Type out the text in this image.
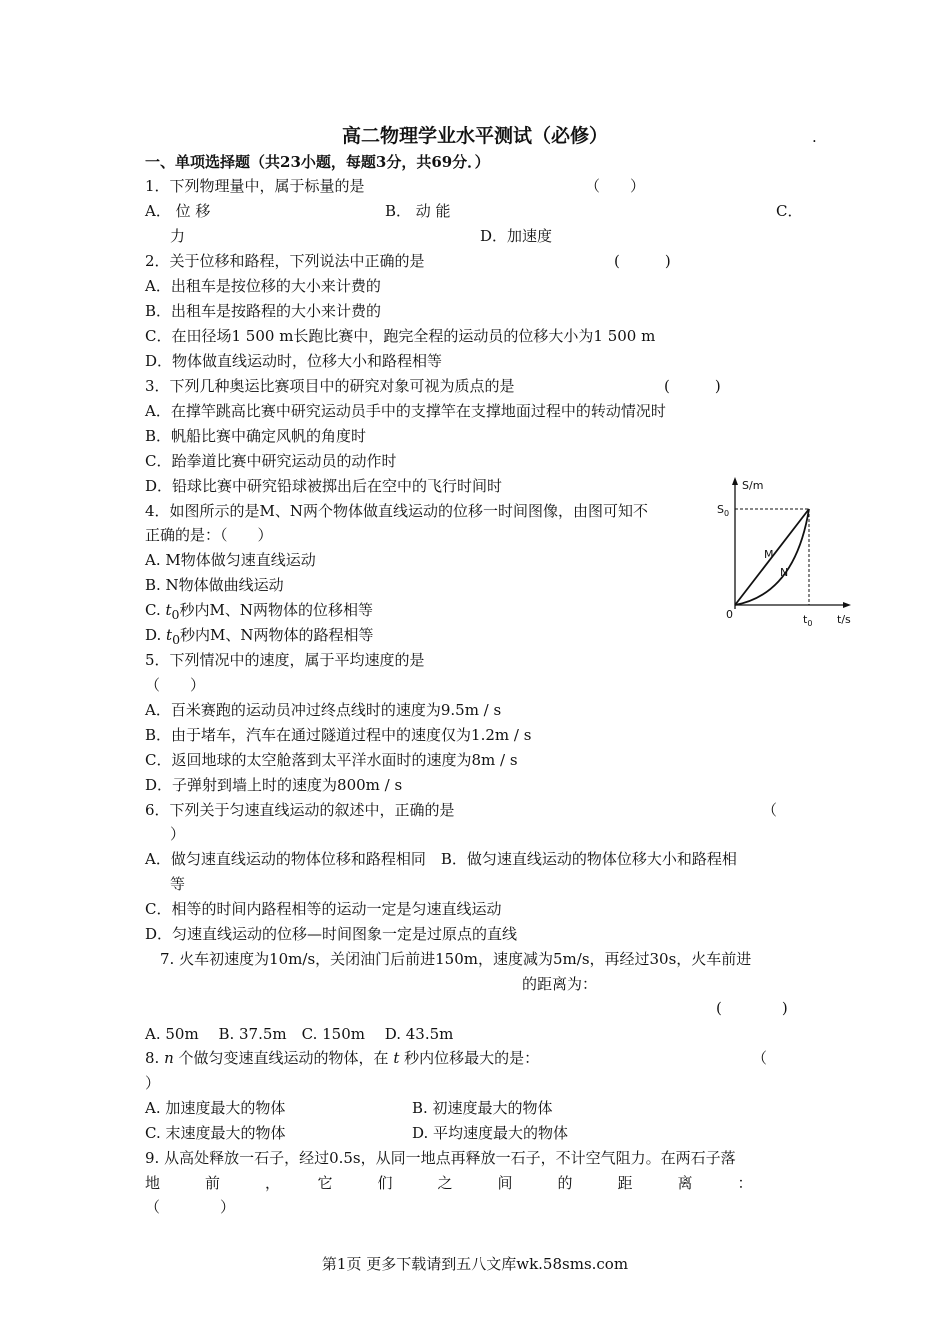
高二物理学业水平测试（必修）	.
一、单项选择题（共23小题，每题3分，共69分．）
1．下列物理量中，属于标量的是	（　　）
A． 位 移	B． 动 能	C．
力	D．加速度
2．关于位移和路程，下列说法中正确的是	(　　　)
A．出租车是按位移的大小来计费的
B．出租车是按路程的大小来计费的
C．在田径场1 500 m长跑比赛中，跑完全程的运动员的位移大小为1 500 m
D．物体做直线运动时，位移大小和路程相等
3．下列几种奥运比赛项目中的研究对象可视为质点的是	(　　　)
A．在撑竿跳高比赛中研究运动员手中的支撑竿在支撑地面过程中的转动情况时
B．帆船比赛中确定风帆的角度时
C．跆拳道比赛中研究运动员的动作时
D．铅球比赛中研究铅球被掷出后在空中的飞行时间时
4．如图所示的是M、N两个物体做直线运动的位移一时间图像，由图可知不
正确的是：（　　）
A. M物体做匀速直线运动
B. N物体做曲线运动
C. $t_0$秒内M、N两物体的位移相等
D. $t_0$秒内M、N两物体的路程相等
S/m
t/s
$S_0$
$t_0$
0
M
N
5．下列情况中的速度，属于平均速度的是
（　　）
A．百米赛跑的运动员冲过终点线时的速度为9.5m / s
B．由于堵车，汽车在通过隧道过程中的速度仅为1.2m / s
C．返回地球的太空舱落到太平洋水面时的速度为8m / s
D．子弹射到墙上时的速度为800m / s
6．下列关于匀速直线运动的叙述中，正确的是	（
）
A．做匀速直线运动的物体位移和路程相同　B．做匀速直线运动的物体位移大小和路程相
等
C．相等的时间内路程相等的运动一定是匀速直线运动
D．匀速直线运动的位移—时间图象一定是过原点的直线
7. 火车初速度为10m/s，关闭油门后前进150m，速度减为5m/s，再经过30s，火车前进
的距离为：
(　　　　)
A. 50m　 B. 37.5m　C. 150m　 D. 43.5m
8. n 个做匀变速直线运动的物体，在 t 秒内位移最大的是：	（
）
A. 加速度最大的物体	B. 初速度最大的物体
C. 末速度最大的物体	D. 平均速度最大的物体
9. 从高处释放一石子，经过0.5s，从同一地点再释放一石子，不计空气阻力。在两石子落
地　　　前　　　，　　　它　　　们　　　之　　　间　　　的　　　距　　　离　　　：
（　　　　）
第1页 更多下载请到五八文库wk.58sms.com
